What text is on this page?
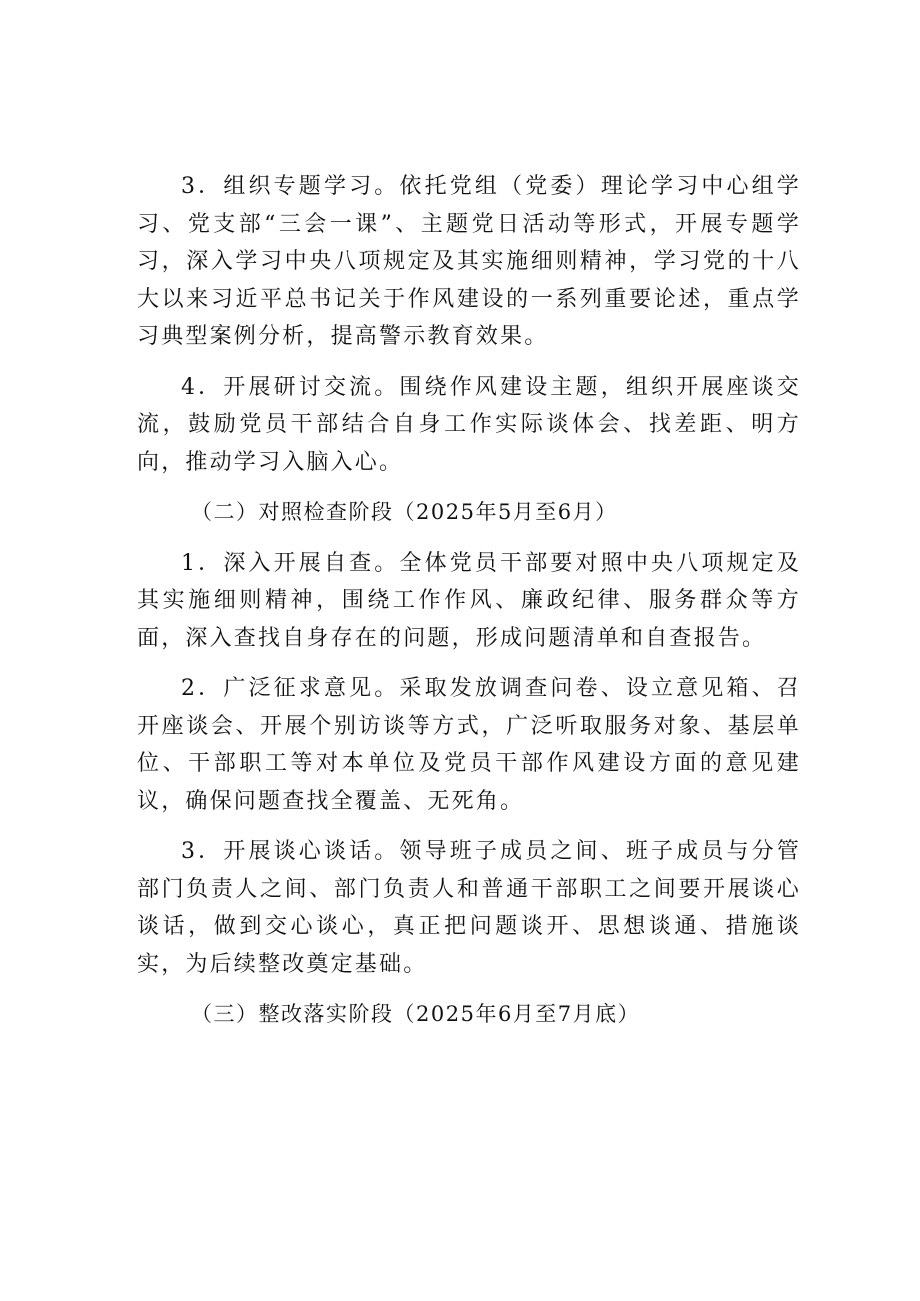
3．组织专题学习。依托党组（党委）理论学习中心组学习、党支部“三会一课”、主题党日活动等形式，开展专题学习，深入学习中央八项规定及其实施细则精神，学习党的十八大以来习近平总书记关于作风建设的一系列重要论述，重点学习典型案例分析，提高警示教育效果。

4．开展研讨交流。围绕作风建设主题，组织开展座谈交流，鼓励党员干部结合自身工作实际谈体会、找差距、明方向，推动学习入脑入心。

（二）对照检查阶段（2025年5月至6月）

1．深入开展自查。全体党员干部要对照中央八项规定及其实施细则精神，围绕工作作风、廉政纪律、服务群众等方面，深入查找自身存在的问题，形成问题清单和自查报告。

2．广泛征求意见。采取发放调查问卷、设立意见箱、召开座谈会、开展个别访谈等方式，广泛听取服务对象、基层单位、干部职工等对本单位及党员干部作风建设方面的意见建议，确保问题查找全覆盖、无死角。

3．开展谈心谈话。领导班子成员之间、班子成员与分管部门负责人之间、部门负责人和普通干部职工之间要开展谈心谈话，做到交心谈心，真正把问题谈开、思想谈通、措施谈实，为后续整改奠定基础。

（三）整改落实阶段（2025年6月至7月底）
